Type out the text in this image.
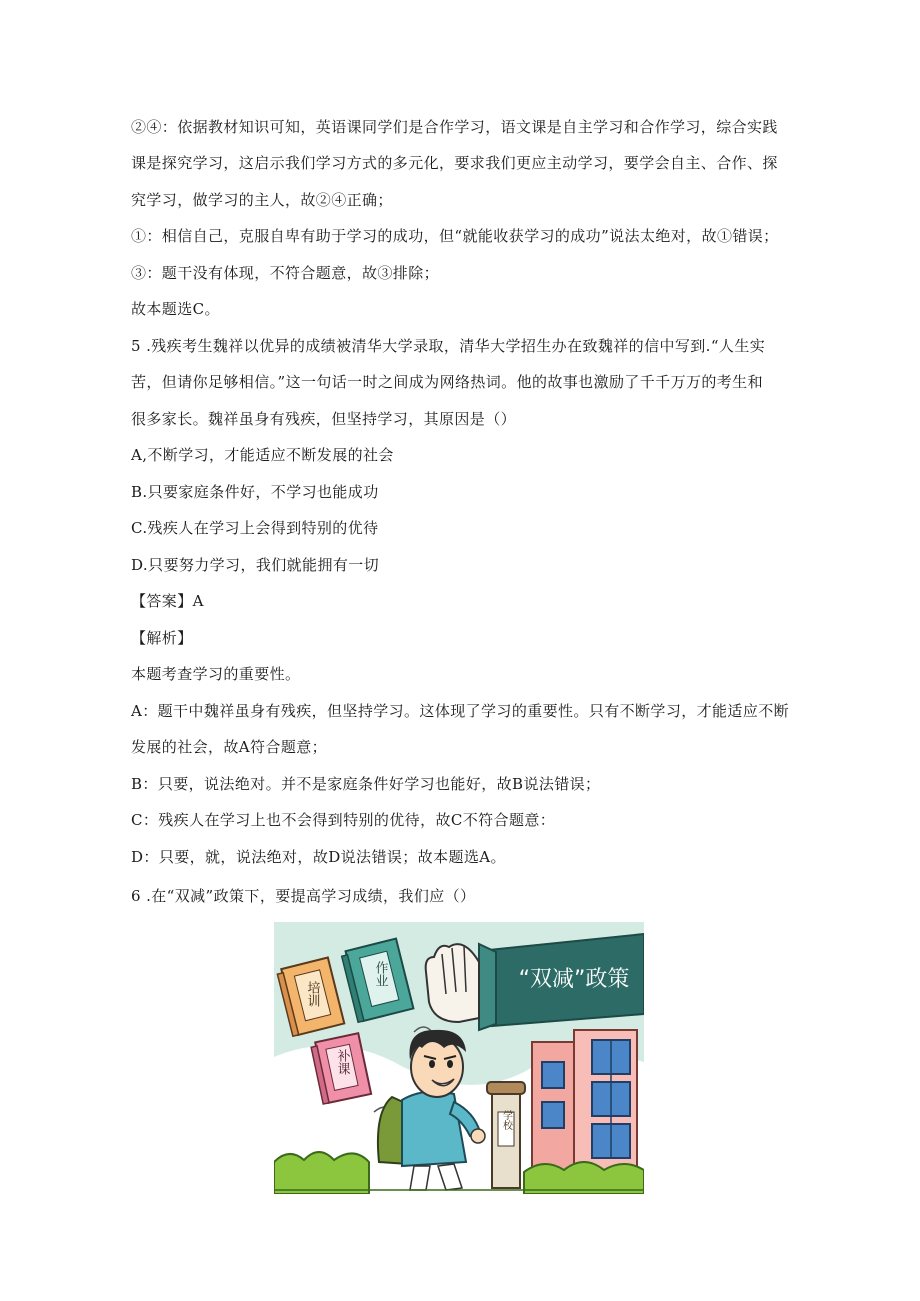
②④：依据教材知识可知，英语课同学们是合作学习，语文课是自主学习和合作学习，综合实践
课是探究学习，这启示我们学习方式的多元化，要求我们更应主动学习，要学会自主、合作、探
究学习，做学习的主人，故②④正确；
①：相信自己，克服自卑有助于学习的成功，但“就能收获学习的成功”说法太绝对，故①错误；
③：题干没有体现，不符合题意，故③排除；
故本题选C。
5 .残疾考生魏祥以优异的成绩被清华大学录取，清华大学招生办在致魏祥的信中写到.“人生实
苦，但请你足够相信。”这一句话一时之间成为网络热词。他的故事也激励了千千万万的考生和
很多家长。魏祥虽身有残疾，但坚持学习，其原因是（）
A,不断学习，才能适应不断发展的社会
B.只要家庭条件好，不学习也能成功
C.残疾人在学习上会得到特别的优待
D.只要努力学习，我们就能拥有一切
【答案】A
【解析】
本题考查学习的重要性。
A：题干中魏祥虽身有残疾，但坚持学习。这体现了学习的重要性。只有不断学习，才能适应不断
发展的社会，故A符合题意；
B：只要，说法绝对。并不是家庭条件好学习也能好，故B说法错误；
C：残疾人在学习上也不会得到特别的优待，故C不符合题意：
D：只要，就，说法绝对，故D说法错误；故本题选A。
6 .在“双减”政策下，要提高学习成绩，我们应（）
“双减”政策
培训
作业
补课
学校
